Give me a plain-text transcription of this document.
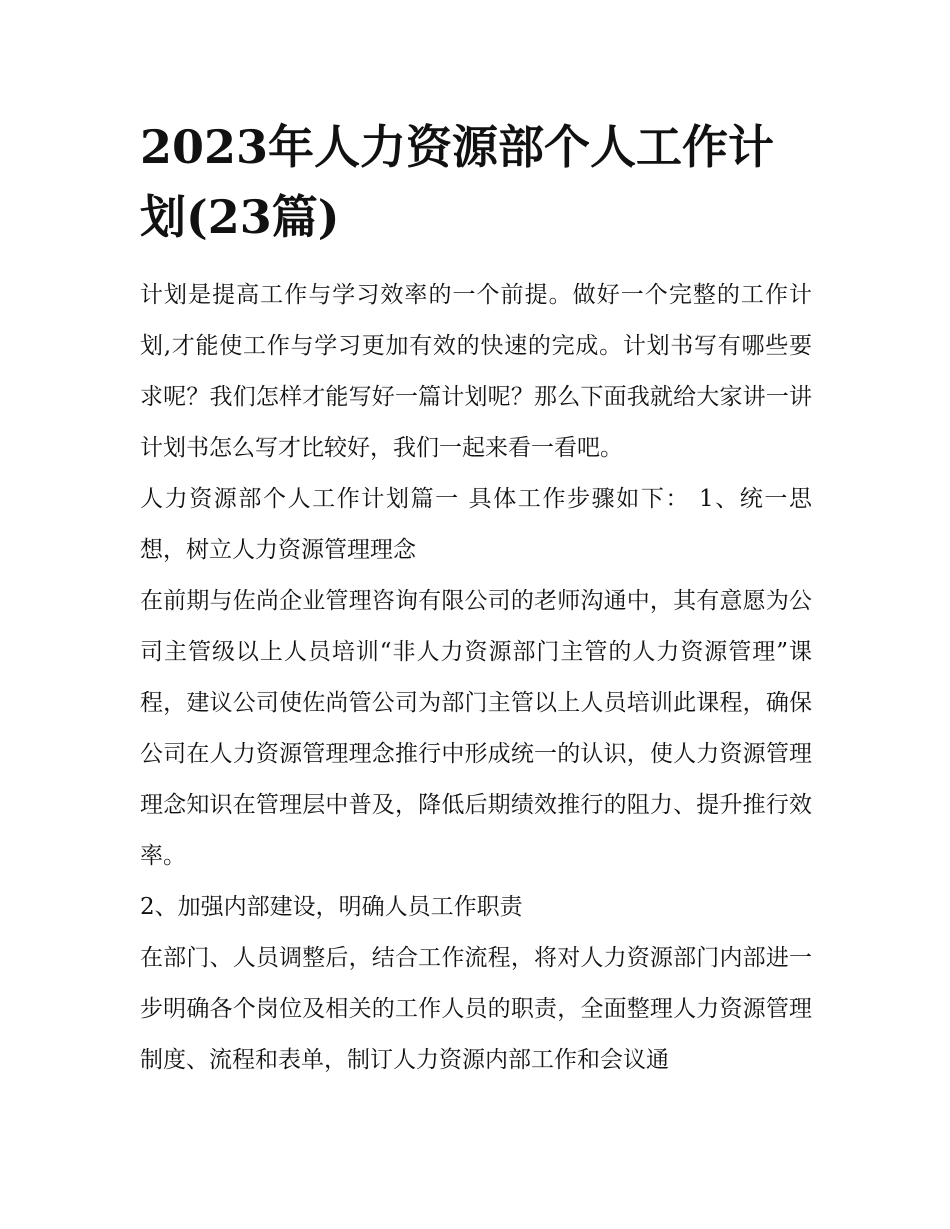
2023年人力资源部个人工作计划(23篇)

计划是提高工作与学习效率的一个前提。做好一个完整的工作计划,才能使工作与学习更加有效的快速的完成。计划书写有哪些要求呢？我们怎样才能写好一篇计划呢？那么下面我就给大家讲一讲计划书怎么写才比较好，我们一起来看一看吧。

人力资源部个人工作计划篇一 具体工作步骤如下： 1、统一思想，树立人力资源管理理念

在前期与佐尚企业管理咨询有限公司的老师沟通中，其有意愿为公司主管级以上人员培训“非人力资源部门主管的人力资源管理”课程，建议公司使佐尚管公司为部门主管以上人员培训此课程，确保公司在人力资源管理理念推行中形成统一的认识，使人力资源管理理念知识在管理层中普及，降低后期绩效推行的阻力、提升推行效率。

2、加强内部建设，明确人员工作职责

在部门、人员调整后，结合工作流程，将对人力资源部门内部进一步明确各个岗位及相关的工作人员的职责，全面整理人力资源管理制度、流程和表单，制订人力资源内部工作和会议通
